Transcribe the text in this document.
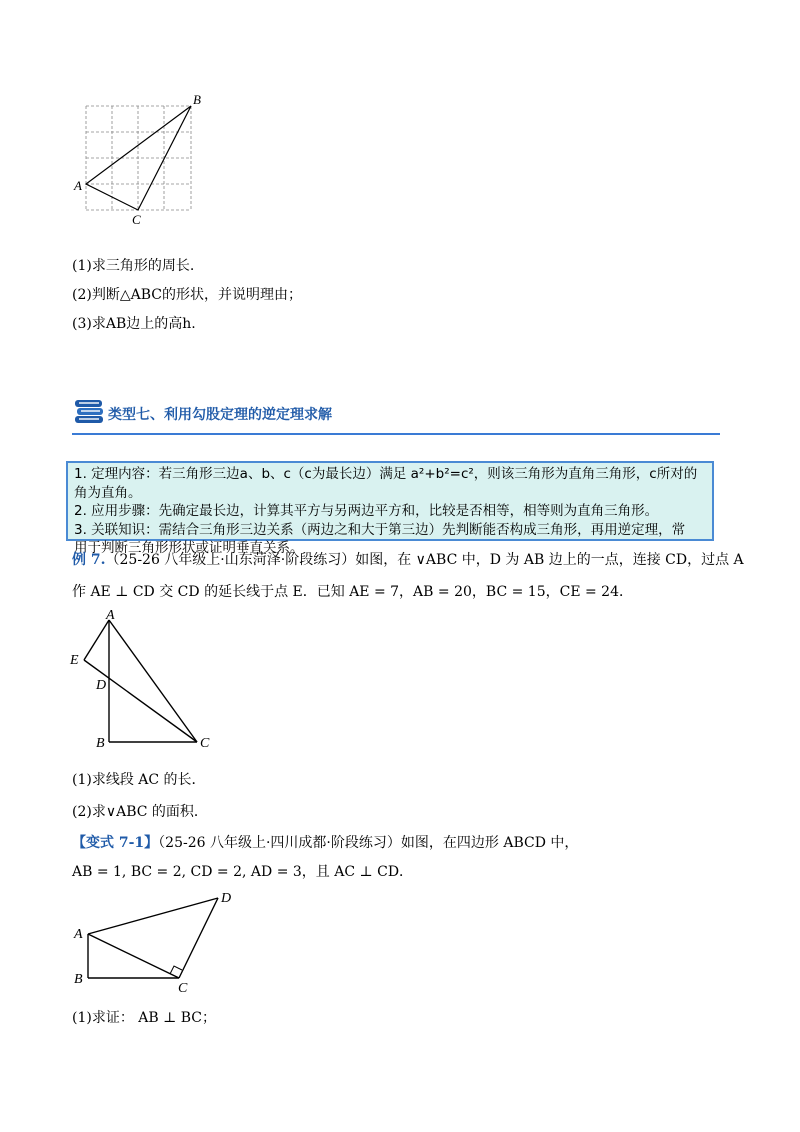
B
A
C
(1)求三角形的周长.
(2)判断△ABC的形状，并说明理由；
(3)求AB边上的高h.
类型七、利用勾股定理的逆定理求解
1. 定理内容：若三角形三边a、b、c（c为最长边）满足 a²+b²=c²，则该三角形为直角三角形，c所对的
角为直角。
2. 应用步骤：先确定最长边，计算其平方与另两边平方和，比较是否相等，相等则为直角三角形。
3. 关联知识：需结合三角形三边关系（两边之和大于第三边）先判断能否构成三角形，再用逆定理，常
用于判断三角形形状或证明垂直关系。
例 7.（25-26 八年级上·山东菏泽·阶段练习）如图，在 ∨ABC 中，D 为 AB 边上的一点，连接 CD，过点 A
作 AE ⊥ CD 交 CD 的延长线于点 E．已知 AE = 7，AB = 20，BC = 15，CE = 24．
A
E
D
B	C
(1)求线段 AC 的长．
(2)求∨ABC 的面积．
【变式 7-1】（25-26 八年级上·四川成都·阶段练习）如图，在四边形 ABCD 中，
AB = 1, BC = 2, CD = 2, AD = 3，且 AC ⊥ CD．
A
B
C
D
(1)求证： AB ⊥ BC；
